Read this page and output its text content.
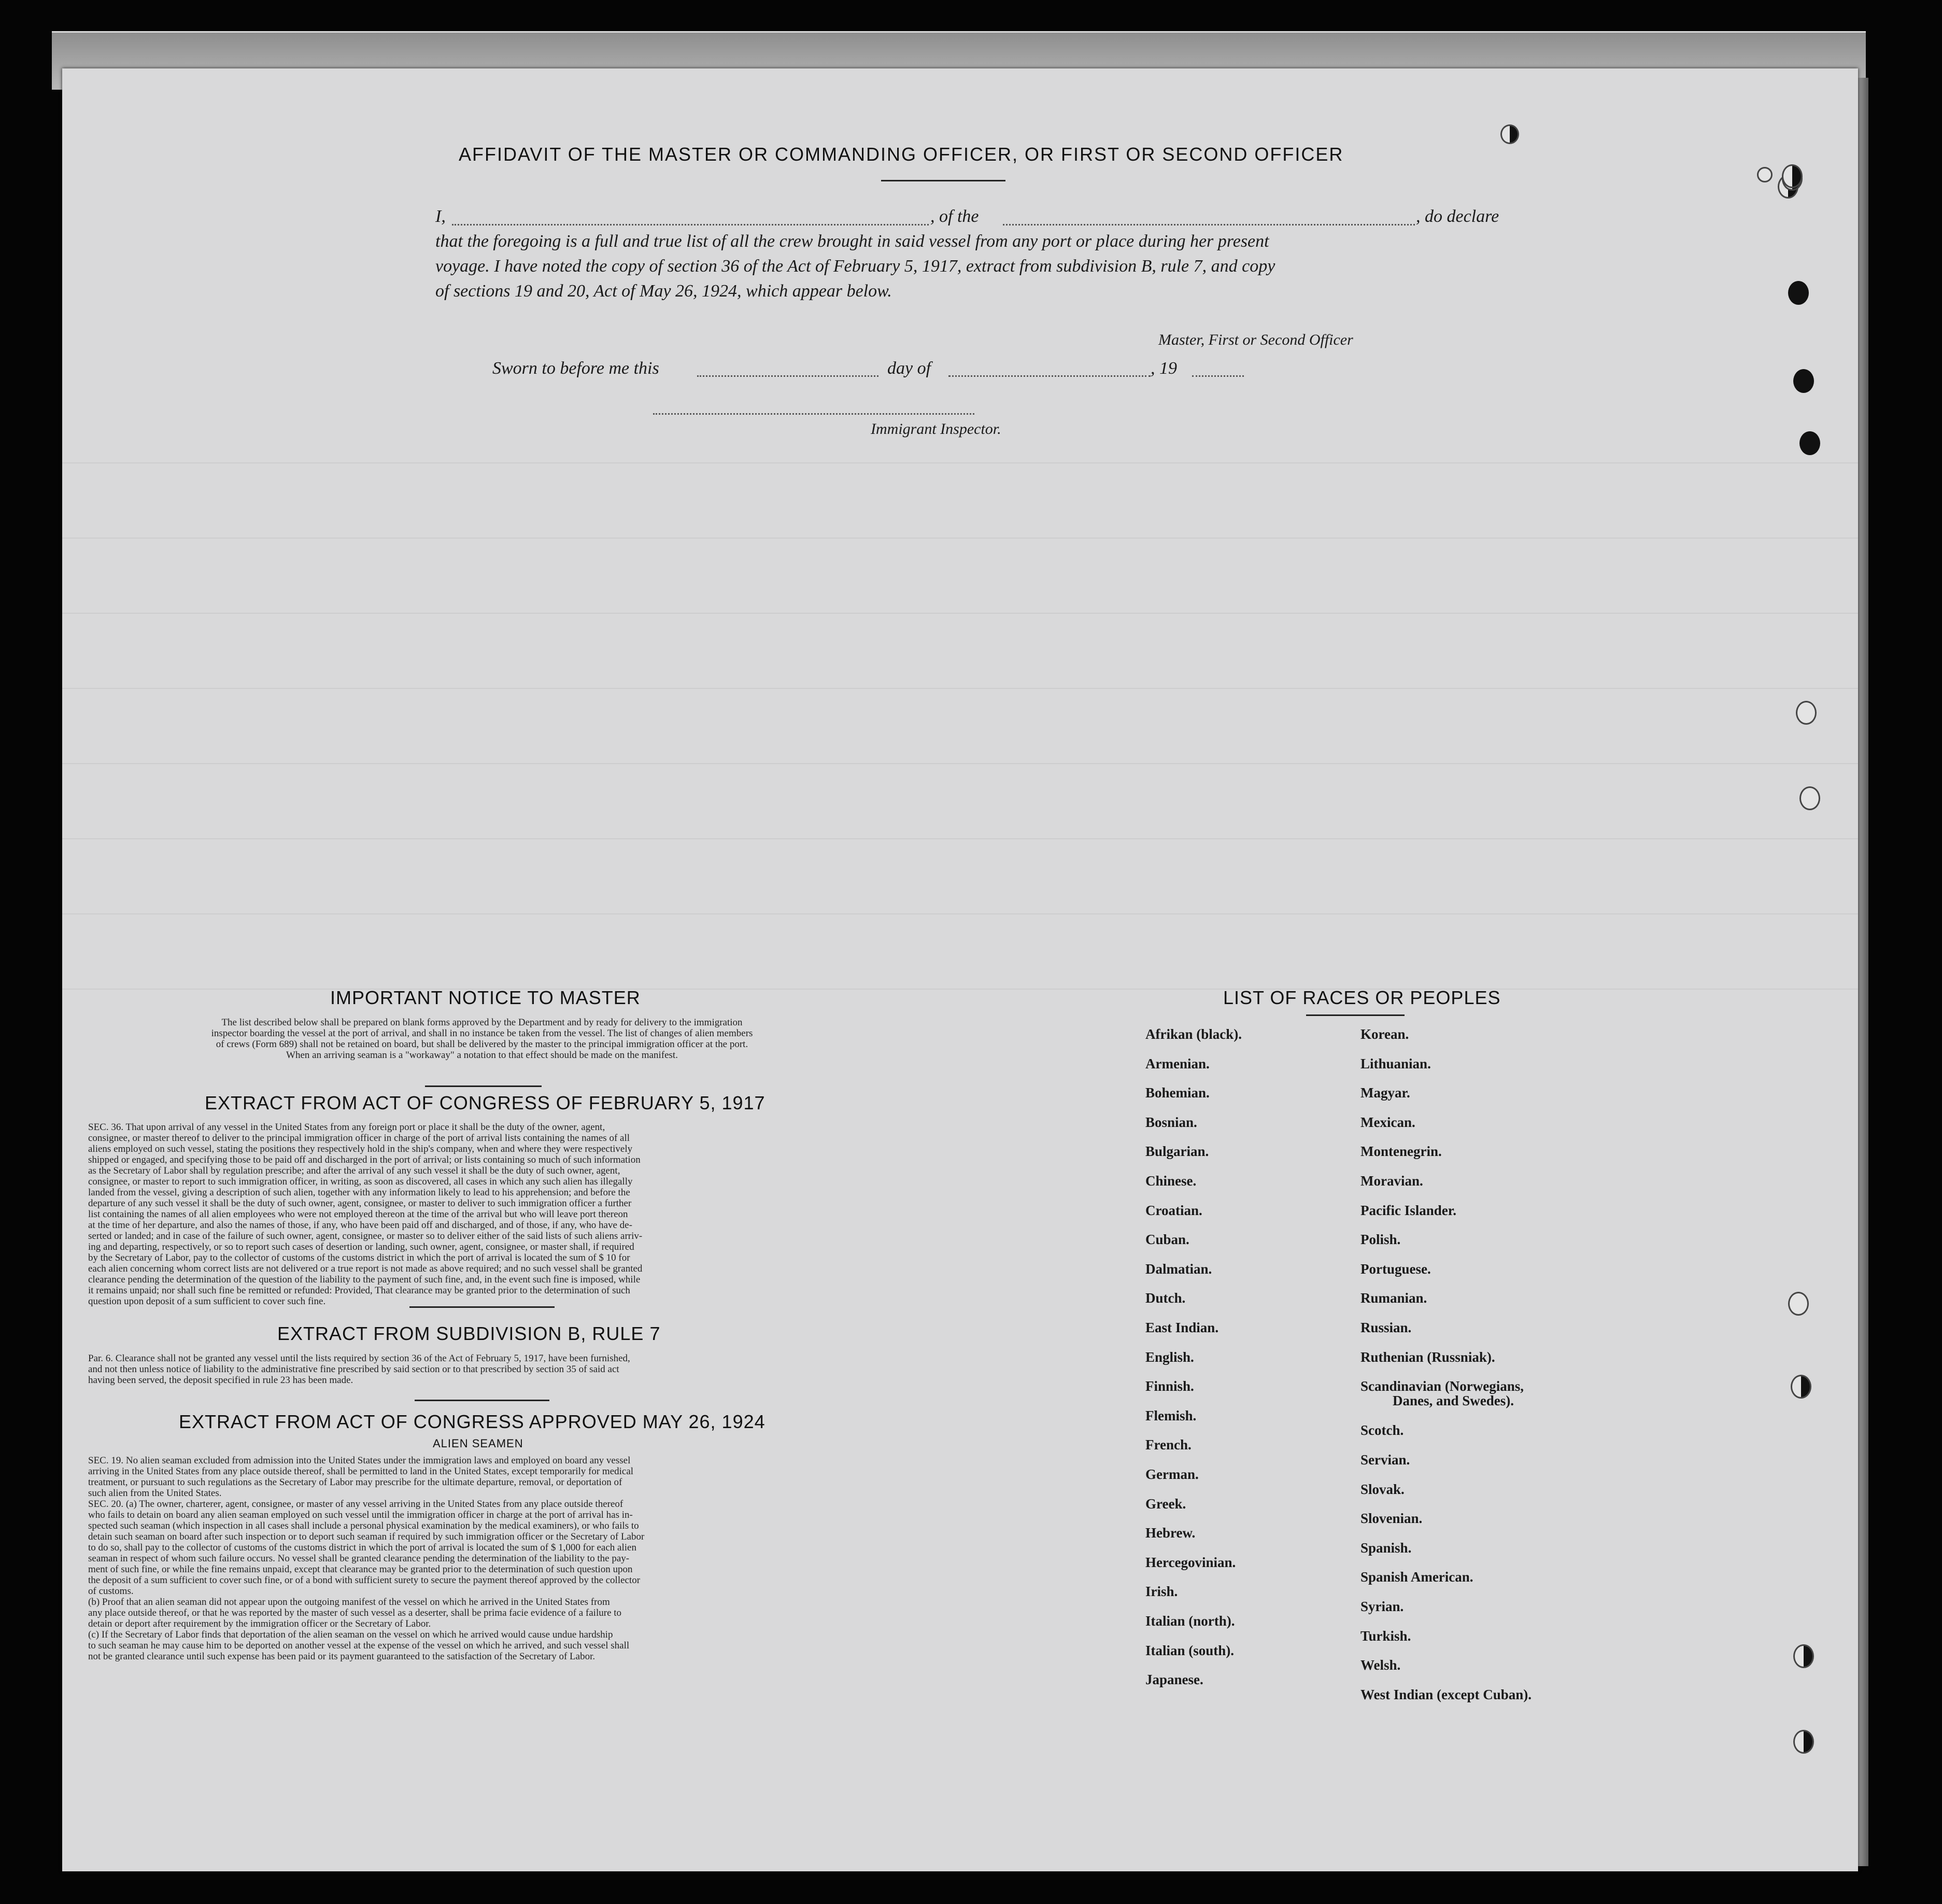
AFFIDAVIT OF THE MASTER OR COMMANDING OFFICER, OR FIRST OR SECOND OFFICER
I,	, of the	, do declare
that the foregoing is a full and true list of all the crew brought in said vessel from any port or place during her present
voyage. I have noted the copy of section 36 of the Act of February 5, 1917, extract from subdivision B, rule 7, and copy
of sections 19 and 20, Act of May 26, 1924, which appear below.
Master, First or Second Officer
Sworn to before me this	day of	, 19
Immigrant Inspector.
IMPORTANT NOTICE TO MASTER
The list described below shall be prepared on blank forms approved by the Department and by ready for delivery to the immigration
inspector boarding the vessel at the port of arrival, and shall in no instance be taken from the vessel. The list of changes of alien members
of crews (Form 689) shall not be retained on board, but shall be delivered by the master to the principal immigration officer at the port.
When an arriving seaman is a "workaway" a notation to that effect should be made on the manifest.
EXTRACT FROM ACT OF CONGRESS OF FEBRUARY 5, 1917
SEC. 36. That upon arrival of any vessel in the United States from any foreign port or place it shall be the duty of the owner, agent,
consignee, or master thereof to deliver to the principal immigration officer in charge of the port of arrival lists containing the names of all
aliens employed on such vessel, stating the positions they respectively hold in the ship's company, when and where they were respectively
shipped or engaged, and specifying those to be paid off and discharged in the port of arrival; or lists containing so much of such information
as the Secretary of Labor shall by regulation prescribe; and after the arrival of any such vessel it shall be the duty of such owner, agent,
consignee, or master to report to such immigration officer, in writing, as soon as discovered, all cases in which any such alien has illegally
landed from the vessel, giving a description of such alien, together with any information likely to lead to his apprehension; and before the
departure of any such vessel it shall be the duty of such owner, agent, consignee, or master to deliver to such immigration officer a further
list containing the names of all alien employees who were not employed thereon at the time of the arrival but who will leave port thereon
at the time of her departure, and also the names of those, if any, who have been paid off and discharged, and of those, if any, who have de-
serted or landed; and in case of the failure of such owner, agent, consignee, or master so to deliver either of the said lists of such aliens arriv-
ing and departing, respectively, or so to report such cases of desertion or landing, such owner, agent, consignee, or master shall, if required
by the Secretary of Labor, pay to the collector of customs of the customs district in which the port of arrival is located the sum of $ 10 for
each alien concerning whom correct lists are not delivered or a true report is not made as above required; and no such vessel shall be granted
clearance pending the determination of the question of the liability to the payment of such fine, and, in the event such fine is imposed, while
it remains unpaid; nor shall such fine be remitted or refunded: Provided, That clearance may be granted prior to the determination of such
question upon deposit of a sum sufficient to cover such fine.
EXTRACT FROM SUBDIVISION B, RULE 7
Par. 6. Clearance shall not be granted any vessel until the lists required by section 36 of the Act of February 5, 1917, have been furnished,
and not then unless notice of liability to the administrative fine prescribed by said section or to that prescribed by section 35 of said act
having been served, the deposit specified in rule 23 has been made.
EXTRACT FROM ACT OF CONGRESS APPROVED MAY 26, 1924
ALIEN SEAMEN
SEC. 19. No alien seaman excluded from admission into the United States under the immigration laws and employed on board any vessel
arriving in the United States from any place outside thereof, shall be permitted to land in the United States, except temporarily for medical
treatment, or pursuant to such regulations as the Secretary of Labor may prescribe for the ultimate departure, removal, or deportation of
such alien from the United States.
SEC. 20. (a) The owner, charterer, agent, consignee, or master of any vessel arriving in the United States from any place outside thereof
who fails to detain on board any alien seaman employed on such vessel until the immigration officer in charge at the port of arrival has in-
spected such seaman (which inspection in all cases shall include a personal physical examination by the medical examiners), or who fails to
detain such seaman on board after such inspection or to deport such seaman if required by such immigration officer or the Secretary of Labor
to do so, shall pay to the collector of customs of the customs district in which the port of arrival is located the sum of $ 1,000 for each alien
seaman in respect of whom such failure occurs. No vessel shall be granted clearance pending the determination of the liability to the pay-
ment of such fine, or while the fine remains unpaid, except that clearance may be granted prior to the determination of such question upon
the deposit of a sum sufficient to cover such fine, or of a bond with sufficient surety to secure the payment thereof approved by the collector
of customs.
(b) Proof that an alien seaman did not appear upon the outgoing manifest of the vessel on which he arrived in the United States from
any place outside thereof, or that he was reported by the master of such vessel as a deserter, shall be prima facie evidence of a failure to
detain or deport after requirement by the immigration officer or the Secretary of Labor.
(c) If the Secretary of Labor finds that deportation of the alien seaman on the vessel on which he arrived would cause undue hardship
to such seaman he may cause him to be deported on another vessel at the expense of the vessel on which he arrived, and such vessel shall
not be granted clearance until such expense has been paid or its payment guaranteed to the satisfaction of the Secretary of Labor.
LIST OF RACES OR PEOPLES
Afrikan (black).
Armenian.
Bohemian.
Bosnian.
Bulgarian.
Chinese.
Croatian.
Cuban.
Dalmatian.
Dutch.
East Indian.
English.
Finnish.
Flemish.
French.
German.
Greek.
Hebrew.
Hercegovinian.
Irish.
Italian (north).
Italian (south).
Japanese.
Korean.
Lithuanian.
Magyar.
Mexican.
Montenegrin.
Moravian.
Pacific Islander.
Polish.
Portuguese.
Rumanian.
Russian.
Ruthenian (Russniak).
Scandinavian (Norwegians,
Danes, and Swedes).
Scotch.
Servian.
Slovak.
Slovenian.
Spanish.
Spanish American.
Syrian.
Turkish.
Welsh.
West Indian (except Cuban).
